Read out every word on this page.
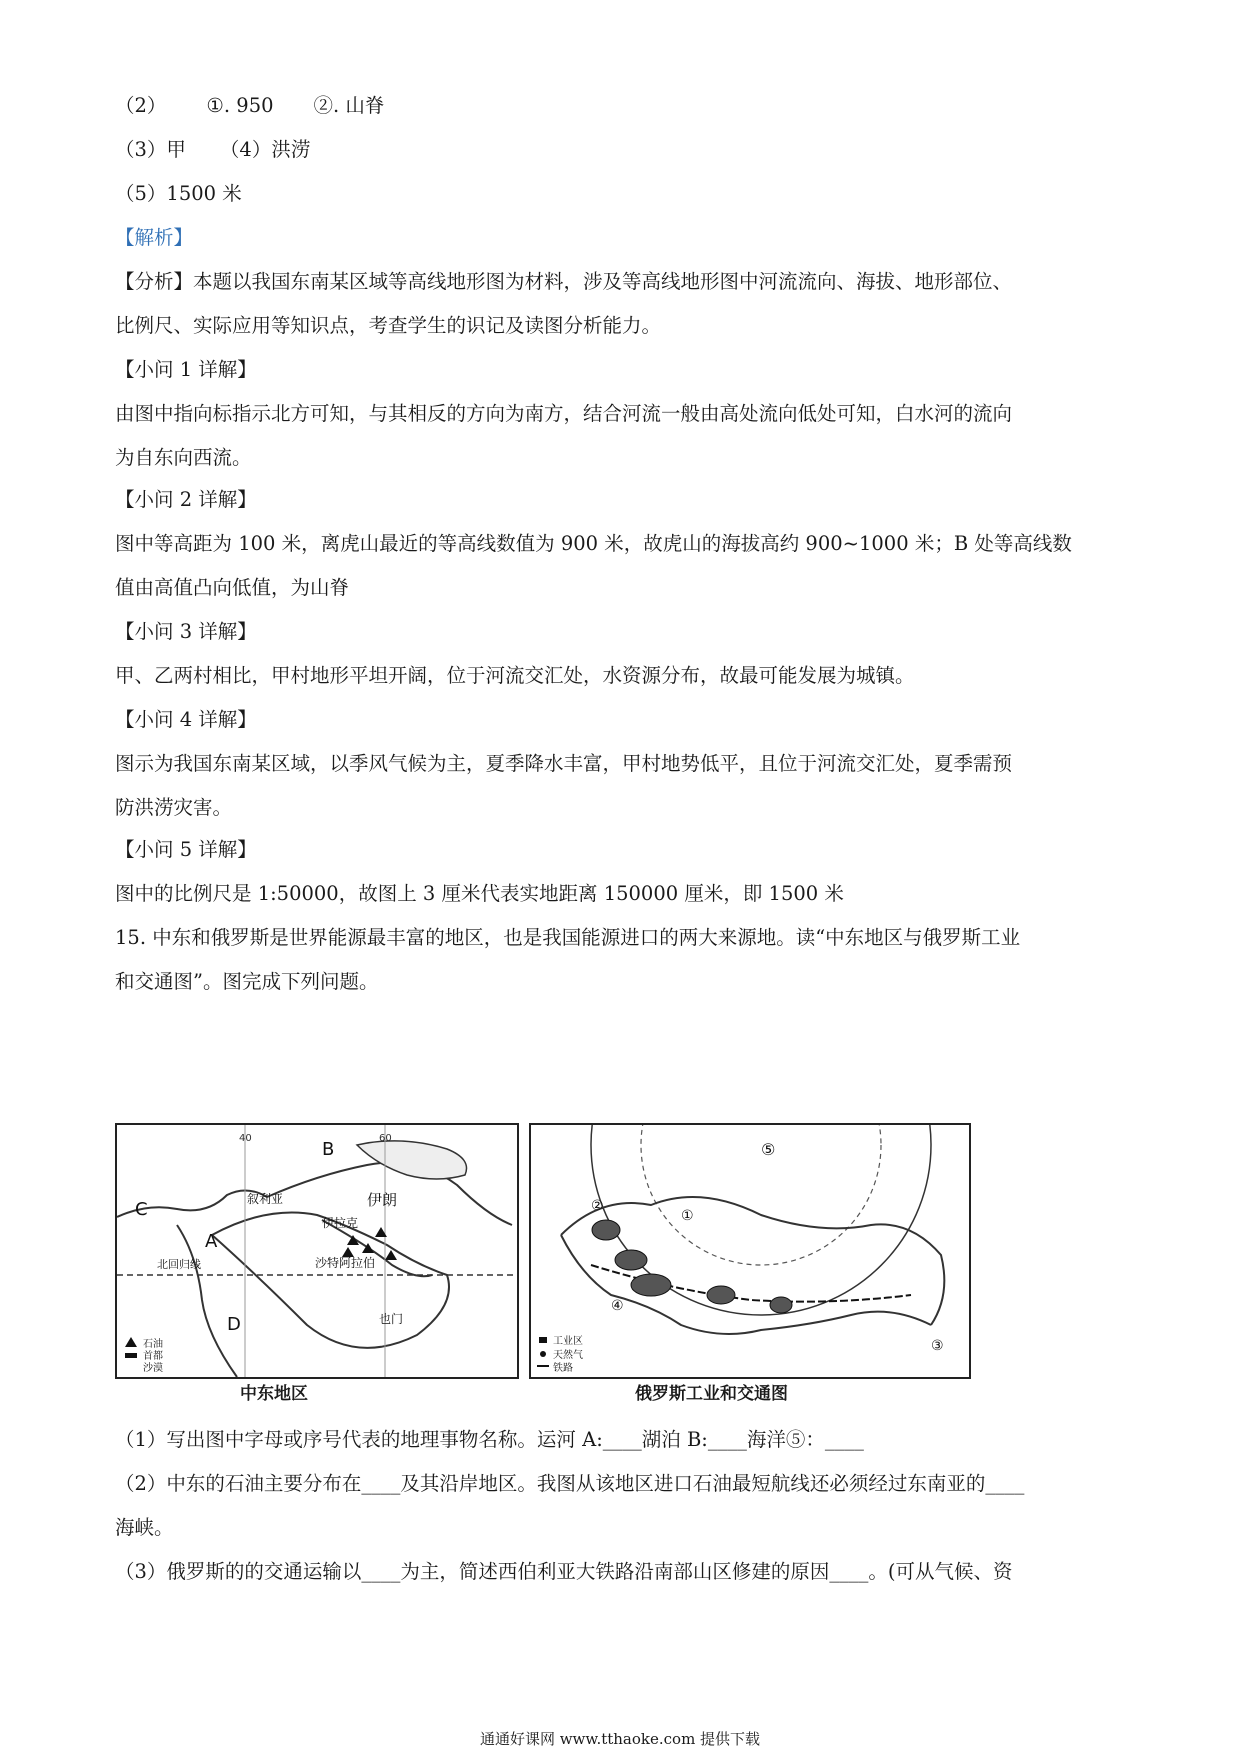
（2） ①. 950 ②. 山脊
（3）甲 （4）洪涝
（5）1500 米
【解析】
【分析】本题以我国东南某区域等高线地形图为材料，涉及等高线地形图中河流流向、海拔、地形部位、
比例尺、实际应用等知识点，考查学生的识记及读图分析能力。
【小问 1 详解】
由图中指向标指示北方可知，与其相反的方向为南方，结合河流一般由高处流向低处可知，白水河的流向
为自东向西流。
【小问 2 详解】
图中等高距为 100 米，离虎山最近的等高线数值为 900 米，故虎山的海拔高约 900~1000 米；B 处等高线数
值由高值凸向低值，为山脊
【小问 3 详解】
甲、乙两村相比，甲村地形平坦开阔，位于河流交汇处，水资源分布，故最可能发展为城镇。
【小问 4 详解】
图示为我国东南某区域，以季风气候为主，夏季降水丰富，甲村地势低平，且位于河流交汇处，夏季需预
防洪涝灾害。
【小问 5 详解】
图中的比例尺是 1:50000，故图上 3 厘米代表实地距离 150000 厘米，即 1500 米
15. 中东和俄罗斯是世界能源最丰富的地区，也是我国能源进口的两大来源地。读“中东地区与俄罗斯工业
和交通图”。图完成下列问题。
C
A
B
D
40	60
伊朗
伊拉克
叙利亚
沙特阿拉伯
也门
北回归线
石油
首都
沙漠
中东地区
①
②
③
④
⑤
工业区
天然气
铁路
俄罗斯工业和交通图
（1）写出图中字母或序号代表的地理事物名称。运河 A:____湖泊 B:____海洋⑤：____
（2）中东的石油主要分布在____及其沿岸地区。我图从该地区进口石油最短航线还必须经过东南亚的____
海峡。
（3）俄罗斯的的交通运输以____为主，简述西伯利亚大铁路沿南部山区修建的原因____。(可从气候、资
通通好课网 www.tthaoke.com 提供下载
